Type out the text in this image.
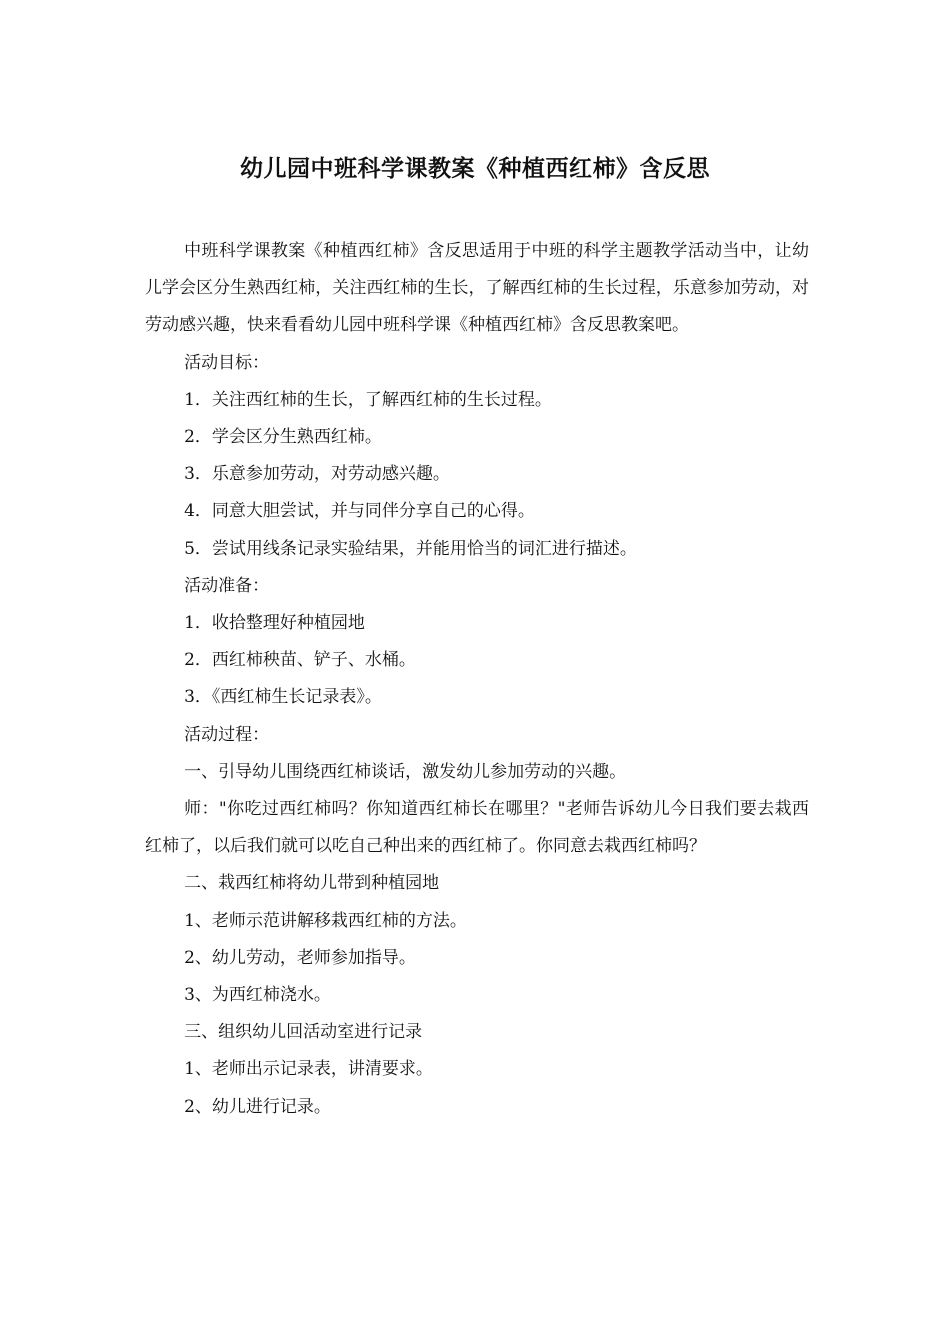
幼儿园中班科学课教案《种植西红柿》含反思

中班科学课教案《种植西红柿》含反思适用于中班的科学主题教学活动当中，让幼儿学会区分生熟西红柿，关注西红柿的生长，了解西红柿的生长过程，乐意参加劳动，对劳动感兴趣，快来看看幼儿园中班科学课《种植西红柿》含反思教案吧。

活动目标：

1．关注西红柿的生长，了解西红柿的生长过程。

2．学会区分生熟西红柿。

3．乐意参加劳动，对劳动感兴趣。

4．同意大胆尝试，并与同伴分享自己的心得。

5．尝试用线条记录实验结果，并能用恰当的词汇进行描述。

活动准备：

1．收拾整理好种植园地

2．西红柿秧苗、铲子、水桶。

3．《西红柿生长记录表》。

活动过程：

一、引导幼儿围绕西红柿谈话，激发幼儿参加劳动的兴趣。

师："你吃过西红柿吗？你知道西红柿长在哪里？"老师告诉幼儿今日我们要去栽西红柿了，以后我们就可以吃自己种出来的西红柿了。你同意去栽西红柿吗？

二、栽西红柿将幼儿带到种植园地

1、老师示范讲解移栽西红柿的方法。

2、幼儿劳动，老师参加指导。

3、为西红柿浇水。

三、组织幼儿回活动室进行记录

1、老师出示记录表，讲清要求。

2、幼儿进行记录。
